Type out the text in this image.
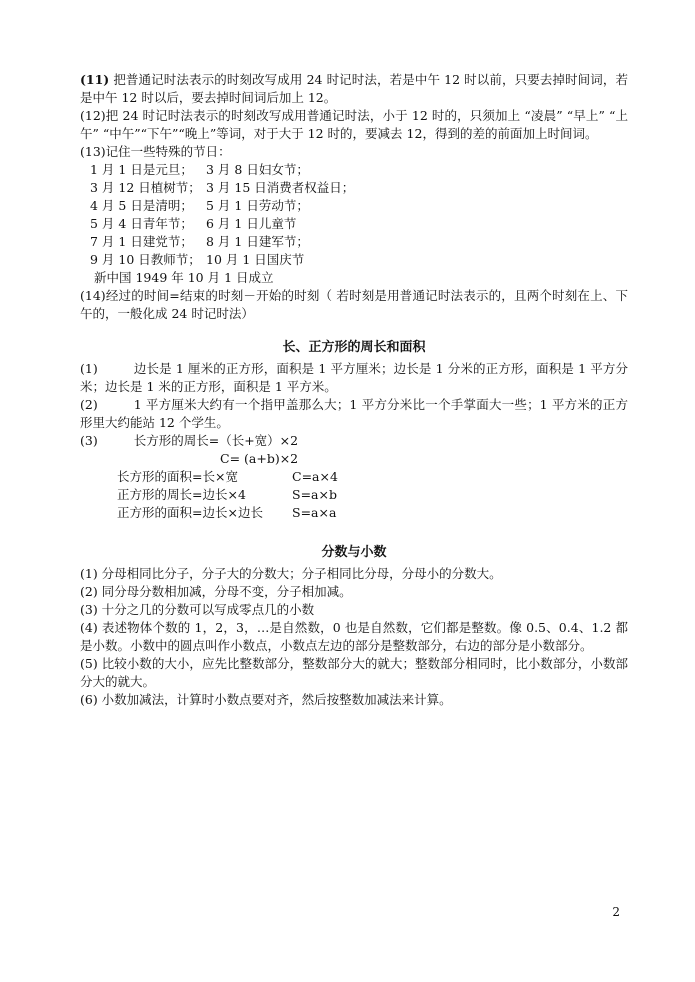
(11) 把普通记时法表示的时刻改写成用 24 时记时法，若是中午 12 时以前，只要去掉时间词，若是中午 12 时以后，要去掉时间词后加上 12。

(12)把 24 时记时法表示的时刻改写成用普通记时法，小于 12 时的，只须加上 “凌晨” “早上” “上午” “中午”“下午”“晚上”等词，对于大于 12 时的，要减去 12，得到的差的前面加上时间词。

(13)记住一些特殊的节日：

1 月 1 日是元旦；	3 月 8 日妇女节；
3 月 12 日植树节； 3 月 15 日消费者权益日；
4 月 5 日是清明；	5 月 1 日劳动节；
5 月 4 日青年节；	6 月 1 日儿童节
7 月 1 日建党节；	8 月 1 日建军节；
9 月 10 日教师节； 10 月 1 日国庆节

新中国 1949 年 10 月 1 日成立

(14)经过的时间=结束的时刻－开始的时刻（ 若时刻是用普通记时法表示的，且两个时刻在上、下午的，一般化成 24 时记时法）

长、正方形的周长和面积

(1)	边长是 1 厘米的正方形，面积是 1 平方厘米；边长是 1 分米的正方形，面积是 1 平方分米；边长是 1 米的正方形，面积是 1 平方米。

(2)	1 平方厘米大约有一个指甲盖那么大；1 平方分米比一个手掌面大一些；1 平方米的正方形里大约能站 12 个学生。

(3)	长方形的周长=（长+宽）×2

C= (a+b)×2

长方形的面积=长×宽	C=a×4
正方形的周长=边长×4	S=a×b
正方形的面积=边长×边长	S=a×a
分数与小数

(1) 分母相同比分子，分子大的分数大；分子相同比分母，分母小的分数大。

(2) 同分母分数相加减，分母不变，分子相加减。

(3) 十分之几的分数可以写成零点几的小数

(4) 表述物体个数的 1，2，3，…是自然数，0 也是自然数，它们都是整数。像 0.5、0.4、1.2 都是小数。小数中的圆点叫作小数点，小数点左边的部分是整数部分，右边的部分是小数部分。

(5) 比较小数的大小，应先比整数部分，整数部分大的就大；整数部分相同时，比小数部分，小数部分大的就大。

(6) 小数加减法，计算时小数点要对齐，然后按整数加减法来计算。

2
